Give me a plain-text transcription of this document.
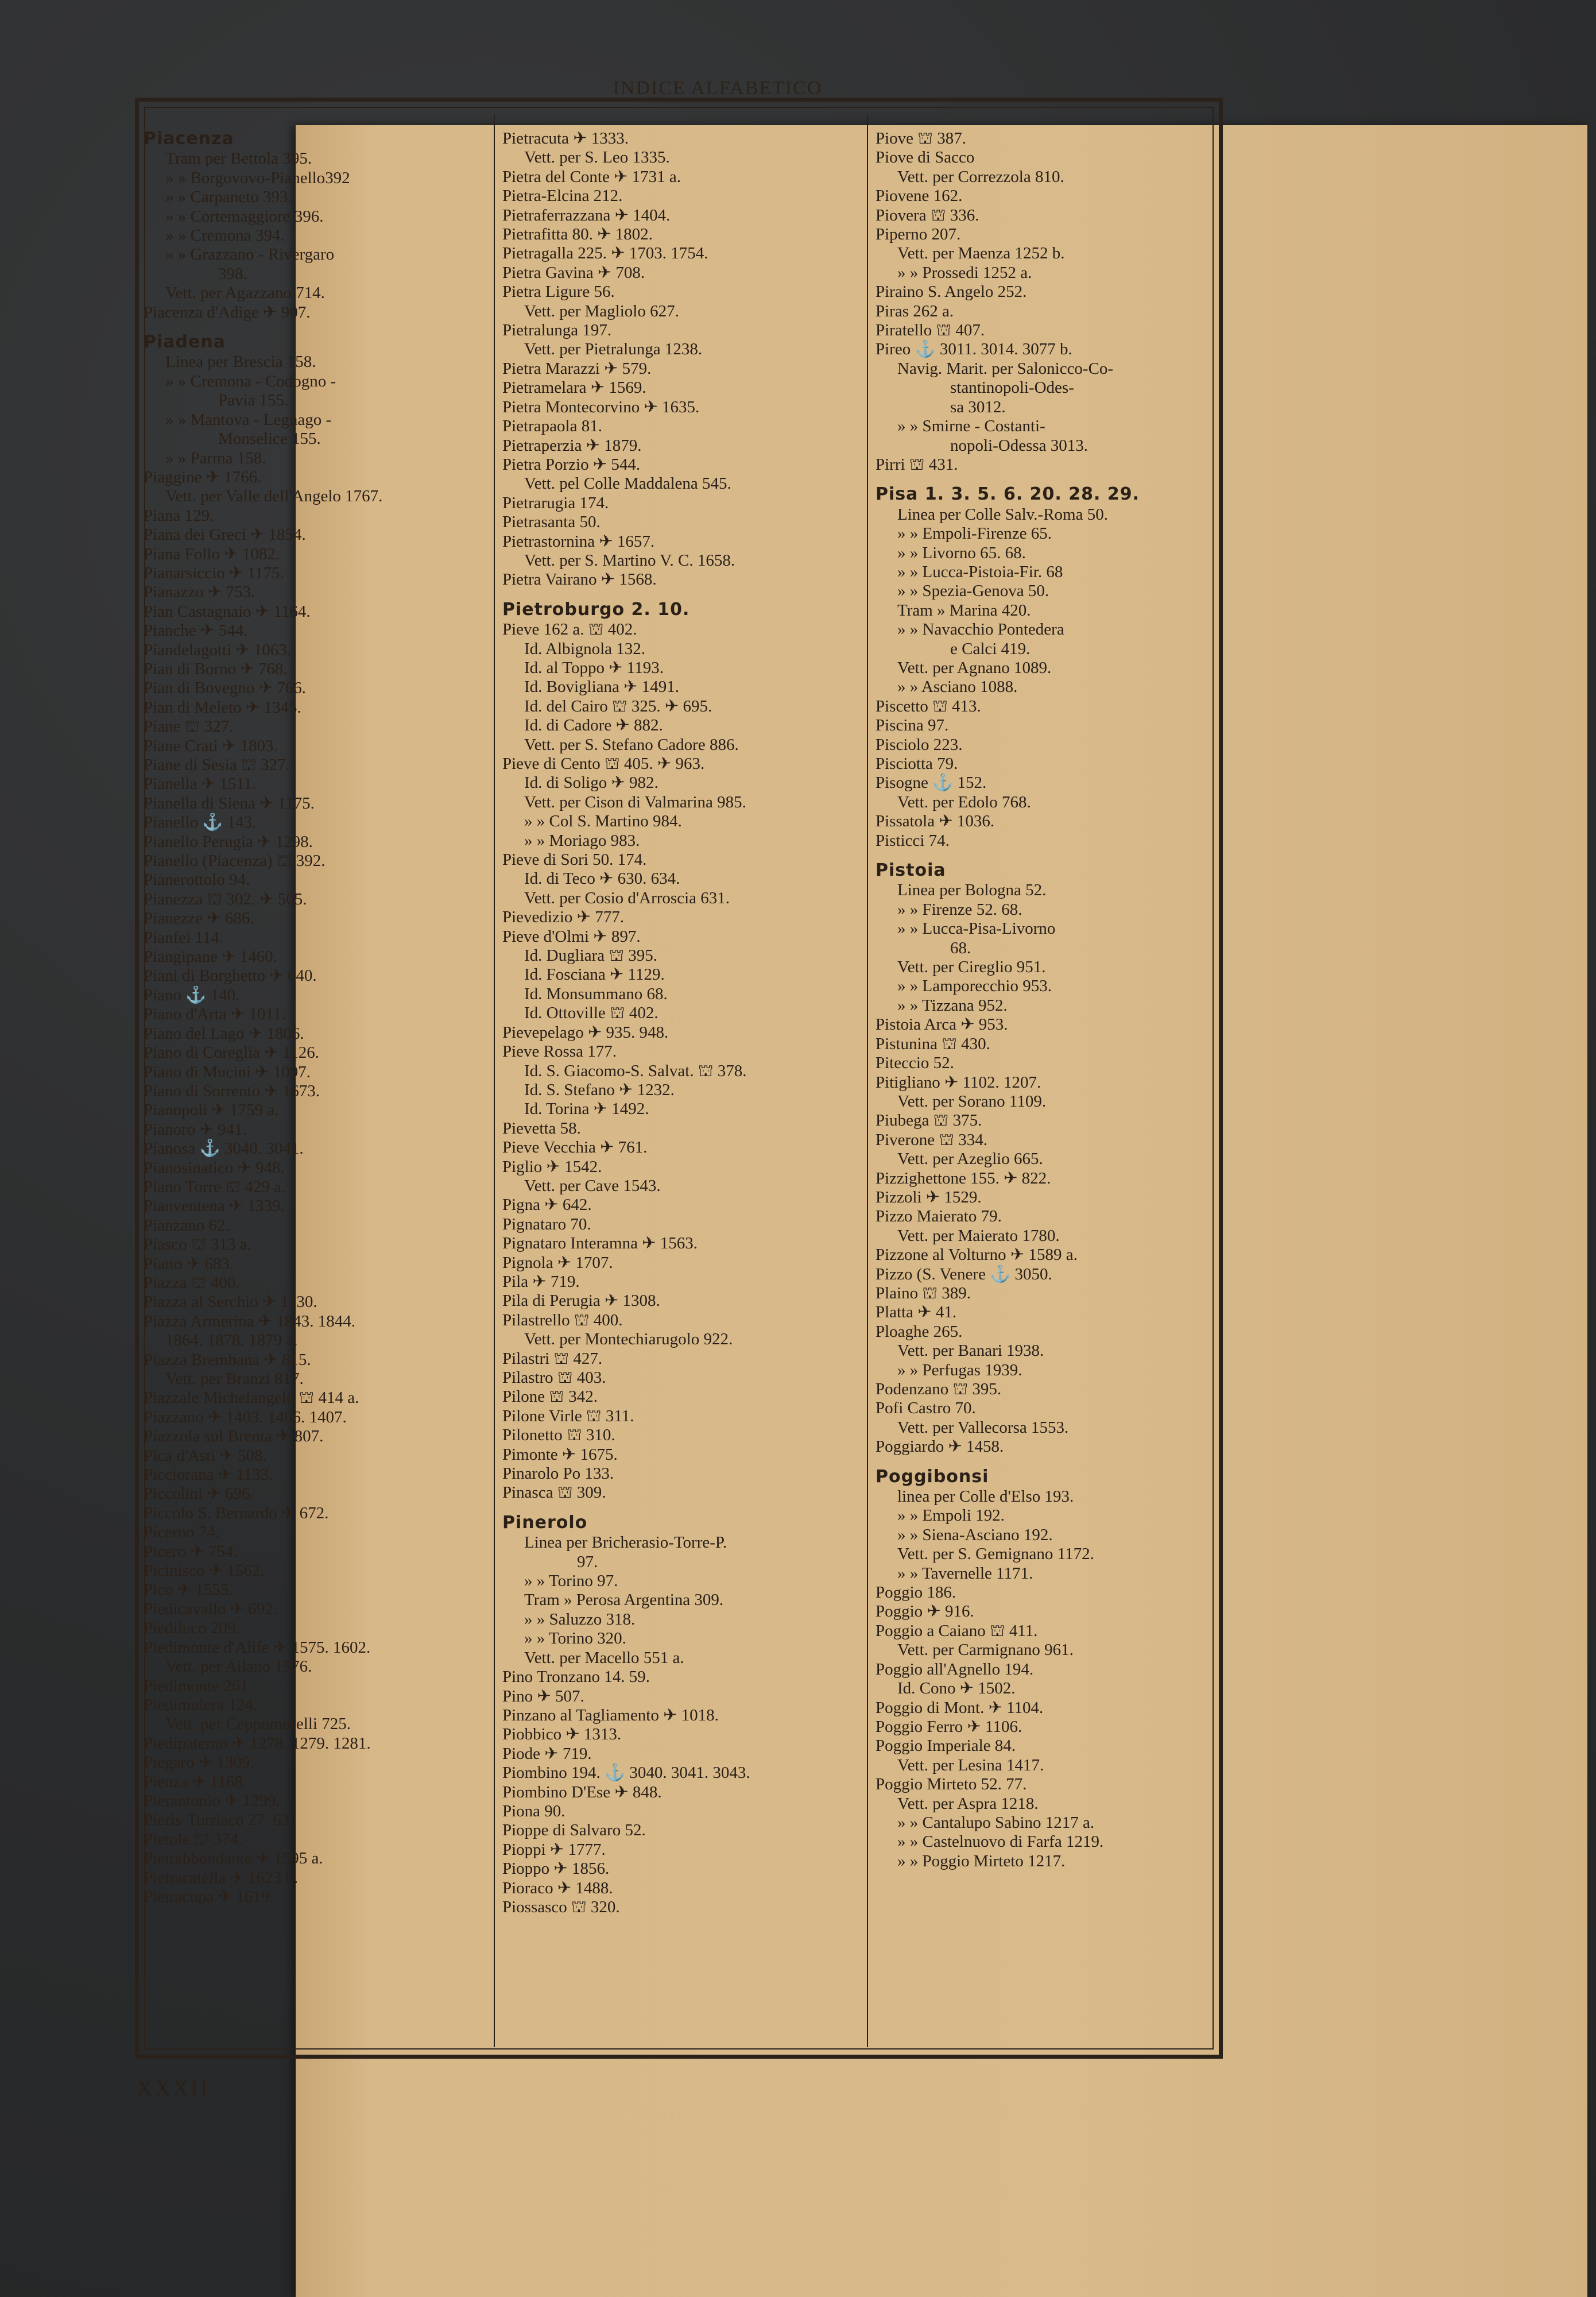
INDICE ALFABETICO
Piacenza
Tram per Bettola 395.
» » Borgovovo-Pianello392
» » Carpaneto 393.
» » Cortemaggiore 396.
» » Cremona 394.
» » Grazzano - Rivergaro
398.
Vett. per Agazzano 714.
Piacenza d'Adige ✈ 907.
Piadena
Linea per Brescia 158.
» » Cremona - Codogno -
Pavia 155.
» » Mantova - Legnago -
Monselice 155.
» » Parma 158.
Piaggine ✈ 1766.
Vett. per Valle dell'Angelo 1767.
Piana 129.
Piana dei Greci ✈ 1854.
Piana Follo ✈ 1082.
Pianarsiccio ✈ 1175.
Pianazzo ✈ 753.
Pian Castagnaio ✈ 1164.
Pianche ✈ 544.
Piandelagotti ✈ 1063.
Pian di Borno ✈ 768.
Pian di Bovegno ✈ 766.
Pian di Meleto ✈ 1345.
Piane ⛫ 327.
Piane Crati ✈ 1803.
Piane di Sesia ⛫ 327.
Pianella ✈ 1511.
Pianella di Siena ✈ 1175.
Pianello ⚓ 143.
Pianello Perugia ✈ 1298.
Pianello (Piacenza) ⛫ 392.
Pianerottolo 94.
Pianezza ⛫ 302. ✈ 505.
Pianezze ✈ 686.
Pianfei 114.
Piangipane ✈ 1460.
Piani di Borghetto ✈ 640.
Piano ⚓ 140.
Piano d'Arta ✈ 1011.
Piano del Lago ✈ 1806.
Piano di Coreglia ✈ 1126.
Piano di Mucini ✈ 1097.
Piano di Sorrento ✈ 1673.
Pianopoli ✈ 1759 a.
Pianoro ✈ 941.
Pianosa ⚓ 3040. 3041.
Pianosinatico ✈ 948.
Piano Torre ⛫ 429 a.
Pianventena ✈ 1339.
Pianzano 62.
Piasco ⛫ 313 a.
Piatto ✈ 683.
Piazza ⛫ 400.
Piazza al Serchio ✈ 1130.
Piazza Armerina ✈ 1843. 1844.
1864. 1878. 1879 a.
Piazza Brembana ✈ 815.
Vett. per Branzi 817.
Piazzale Michelangelo ⛫ 414 a.
Piazzano ✈ 1403. 1406. 1407.
Piazzola sul Brenta ✈ 807.
Pica d'Asti ✈ 508.
Picciorana ✈ 1133.
Piccolini ✈ 696.
Piccolo S. Bernardo ✈ 672.
Picerno 74.
Picero ✈ 754.
Picinisco ✈ 1562.
Pico ✈ 1555.
Piedicavallo ✈ 692.
Piediluco 209.
Piedimonte d'Alife ✈ 1575. 1602.
Vett. per Ailano 1576.
Piedimonte 261.
Piedimulera 124.
Vett. per Ceppomorelli 725.
Piedipaterno ✈ 1278. 1279. 1281.
Piegaro ✈ 1309.
Pienza ✈ 1168.
Pierantonio ✈ 1299.
Pieris-Turriaco 27. 63.
Pietole ⛫ 374.
Pietrabbondante ✈ 1595 a.
Pietracatella ✈ 1623 b.
Pietracupa ✈ 1619.
Pietracuta ✈ 1333.
Vett. per S. Leo 1335.
Pietra del Conte ✈ 1731 a.
Pietra-Elcina 212.
Pietraferrazzana ✈ 1404.
Pietrafitta 80. ✈ 1802.
Pietragalla 225. ✈ 1703. 1754.
Pietra Gavina ✈ 708.
Pietra Ligure 56.
Vett. per Magliolo 627.
Pietralunga 197.
Vett. per Pietralunga 1238.
Pietra Marazzi ✈ 579.
Pietramelara ✈ 1569.
Pietra Montecorvino ✈ 1635.
Pietrapaola 81.
Pietraperzia ✈ 1879.
Pietra Porzio ✈ 544.
Vett. pel Colle Maddalena 545.
Pietrarugia 174.
Pietrasanta 50.
Pietrastornina ✈ 1657.
Vett. per S. Martino V. C. 1658.
Pietra Vairano ✈ 1568.
Pietroburgo 2. 10.
Pieve 162 a. ⛫ 402.
Id. Albignola 132.
Id. al Toppo ✈ 1193.
Id. Bovigliana ✈ 1491.
Id. del Cairo ⛫ 325. ✈ 695.
Id. di Cadore ✈ 882.
Vett. per S. Stefano Cadore 886.
Pieve di Cento ⛫ 405. ✈ 963.
Id. di Soligo ✈ 982.
Vett. per Cison di Valmarina 985.
» » Col S. Martino 984.
» » Moriago 983.
Pieve di Sori 50. 174.
Id. di Teco ✈ 630. 634.
Vett. per Cosio d'Arroscia 631.
Pievedizio ✈ 777.
Pieve d'Olmi ✈ 897.
Id. Dugliara ⛫ 395.
Id. Fosciana ✈ 1129.
Id. Monsummano 68.
Id. Ottoville ⛫ 402.
Pievepelago ✈ 935. 948.
Pieve Rossa 177.
Id. S. Giacomo-S. Salvat. ⛫ 378.
Id. S. Stefano ✈ 1232.
Id. Torina ✈ 1492.
Pievetta 58.
Pieve Vecchia ✈ 761.
Piglio ✈ 1542.
Vett. per Cave 1543.
Pigna ✈ 642.
Pignataro 70.
Pignataro Interamna ✈ 1563.
Pignola ✈ 1707.
Pila ✈ 719.
Pila di Perugia ✈ 1308.
Pilastrello ⛫ 400.
Vett. per Montechiarugolo 922.
Pilastri ⛫ 427.
Pilastro ⛫ 403.
Pilone ⛫ 342.
Pilone Virle ⛫ 311.
Pilonetto ⛫ 310.
Pimonte ✈ 1675.
Pinarolo Po 133.
Pinasca ⛫ 309.
Pinerolo
Linea per Bricherasio-Torre-P.
97.
» » Torino 97.
Tram » Perosa Argentina 309.
» » Saluzzo 318.
» » Torino 320.
Vett. per Macello 551 a.
Pino Tronzano 14. 59.
Pino ✈ 507.
Pinzano al Tagliamento ✈ 1018.
Piobbico ✈ 1313.
Piode ✈ 719.
Piombino 194. ⚓ 3040. 3041. 3043.
Piombino D'Ese ✈ 848.
Piona 90.
Pioppe di Salvaro 52.
Pioppi ✈ 1777.
Pioppo ✈ 1856.
Pioraco ✈ 1488.
Piossasco ⛫ 320.
Piove ⛫ 387.
Piove di Sacco
Vett. per Correzzola 810.
Piovene 162.
Piovera ⛫ 336.
Piperno 207.
Vett. per Maenza 1252 b.
» » Prossedi 1252 a.
Piraino S. Angelo 252.
Piras 262 a.
Piratello ⛫ 407.
Pireo ⚓ 3011. 3014. 3077 b.
Navig. Marit. per Salonicco-Co-
stantinopoli-Odes-
sa 3012.
» » Smirne - Costanti-
nopoli-Odessa 3013.
Pirri ⛫ 431.
Pisa 1. 3. 5. 6. 20. 28. 29.
Linea per Colle Salv.-Roma 50.
» » Empoli-Firenze 65.
» » Livorno 65. 68.
» » Lucca-Pistoia-Fir. 68
» » Spezia-Genova 50.
Tram » Marina 420.
» » Navacchio Pontedera
e Calci 419.
Vett. per Agnano 1089.
» » Asciano 1088.
Piscetto ⛫ 413.
Piscina 97.
Pisciolo 223.
Pisciotta 79.
Pisogne ⚓ 152.
Vett. per Edolo 768.
Pissatola ✈ 1036.
Pisticci 74.
Pistoia
Linea per Bologna 52.
» » Firenze 52. 68.
» » Lucca-Pisa-Livorno
68.
Vett. per Cireglio 951.
» » Lamporecchio 953.
» » Tizzana 952.
Pistoia Arca ✈ 953.
Pistunina ⛫ 430.
Piteccio 52.
Pitigliano ✈ 1102. 1207.
Vett. per Sorano 1109.
Piubega ⛫ 375.
Piverone ⛫ 334.
Vett. per Azeglio 665.
Pizzighettone 155. ✈ 822.
Pizzoli ✈ 1529.
Pizzo Maierato 79.
Vett. per Maierato 1780.
Pizzone al Volturno ✈ 1589 a.
Pizzo (S. Venere ⚓ 3050.
Plaino ⛫ 389.
Platta ✈ 41.
Ploaghe 265.
Vett. per Banari 1938.
» » Perfugas 1939.
Podenzano ⛫ 395.
Pofi Castro 70.
Vett. per Vallecorsa 1553.
Poggiardo ✈ 1458.
Poggibonsi
linea per Colle d'Elso 193.
» » Empoli 192.
» » Siena-Asciano 192.
Vett. per S. Gemignano 1172.
» » Tavernelle 1171.
Poggio 186.
Poggio ✈ 916.
Poggio a Caiano ⛫ 411.
Vett. per Carmignano 961.
Poggio all'Agnello 194.
Id. Cono ✈ 1502.
Poggio di Mont. ✈ 1104.
Poggio Ferro ✈ 1106.
Poggio Imperiale 84.
Vett. per Lesina 1417.
Poggio Mirteto 52. 77.
Vett. per Aspra 1218.
» » Cantalupo Sabino 1217 a.
» » Castelnuovo di Farfa 1219.
» » Poggio Mirteto 1217.
XXXII
